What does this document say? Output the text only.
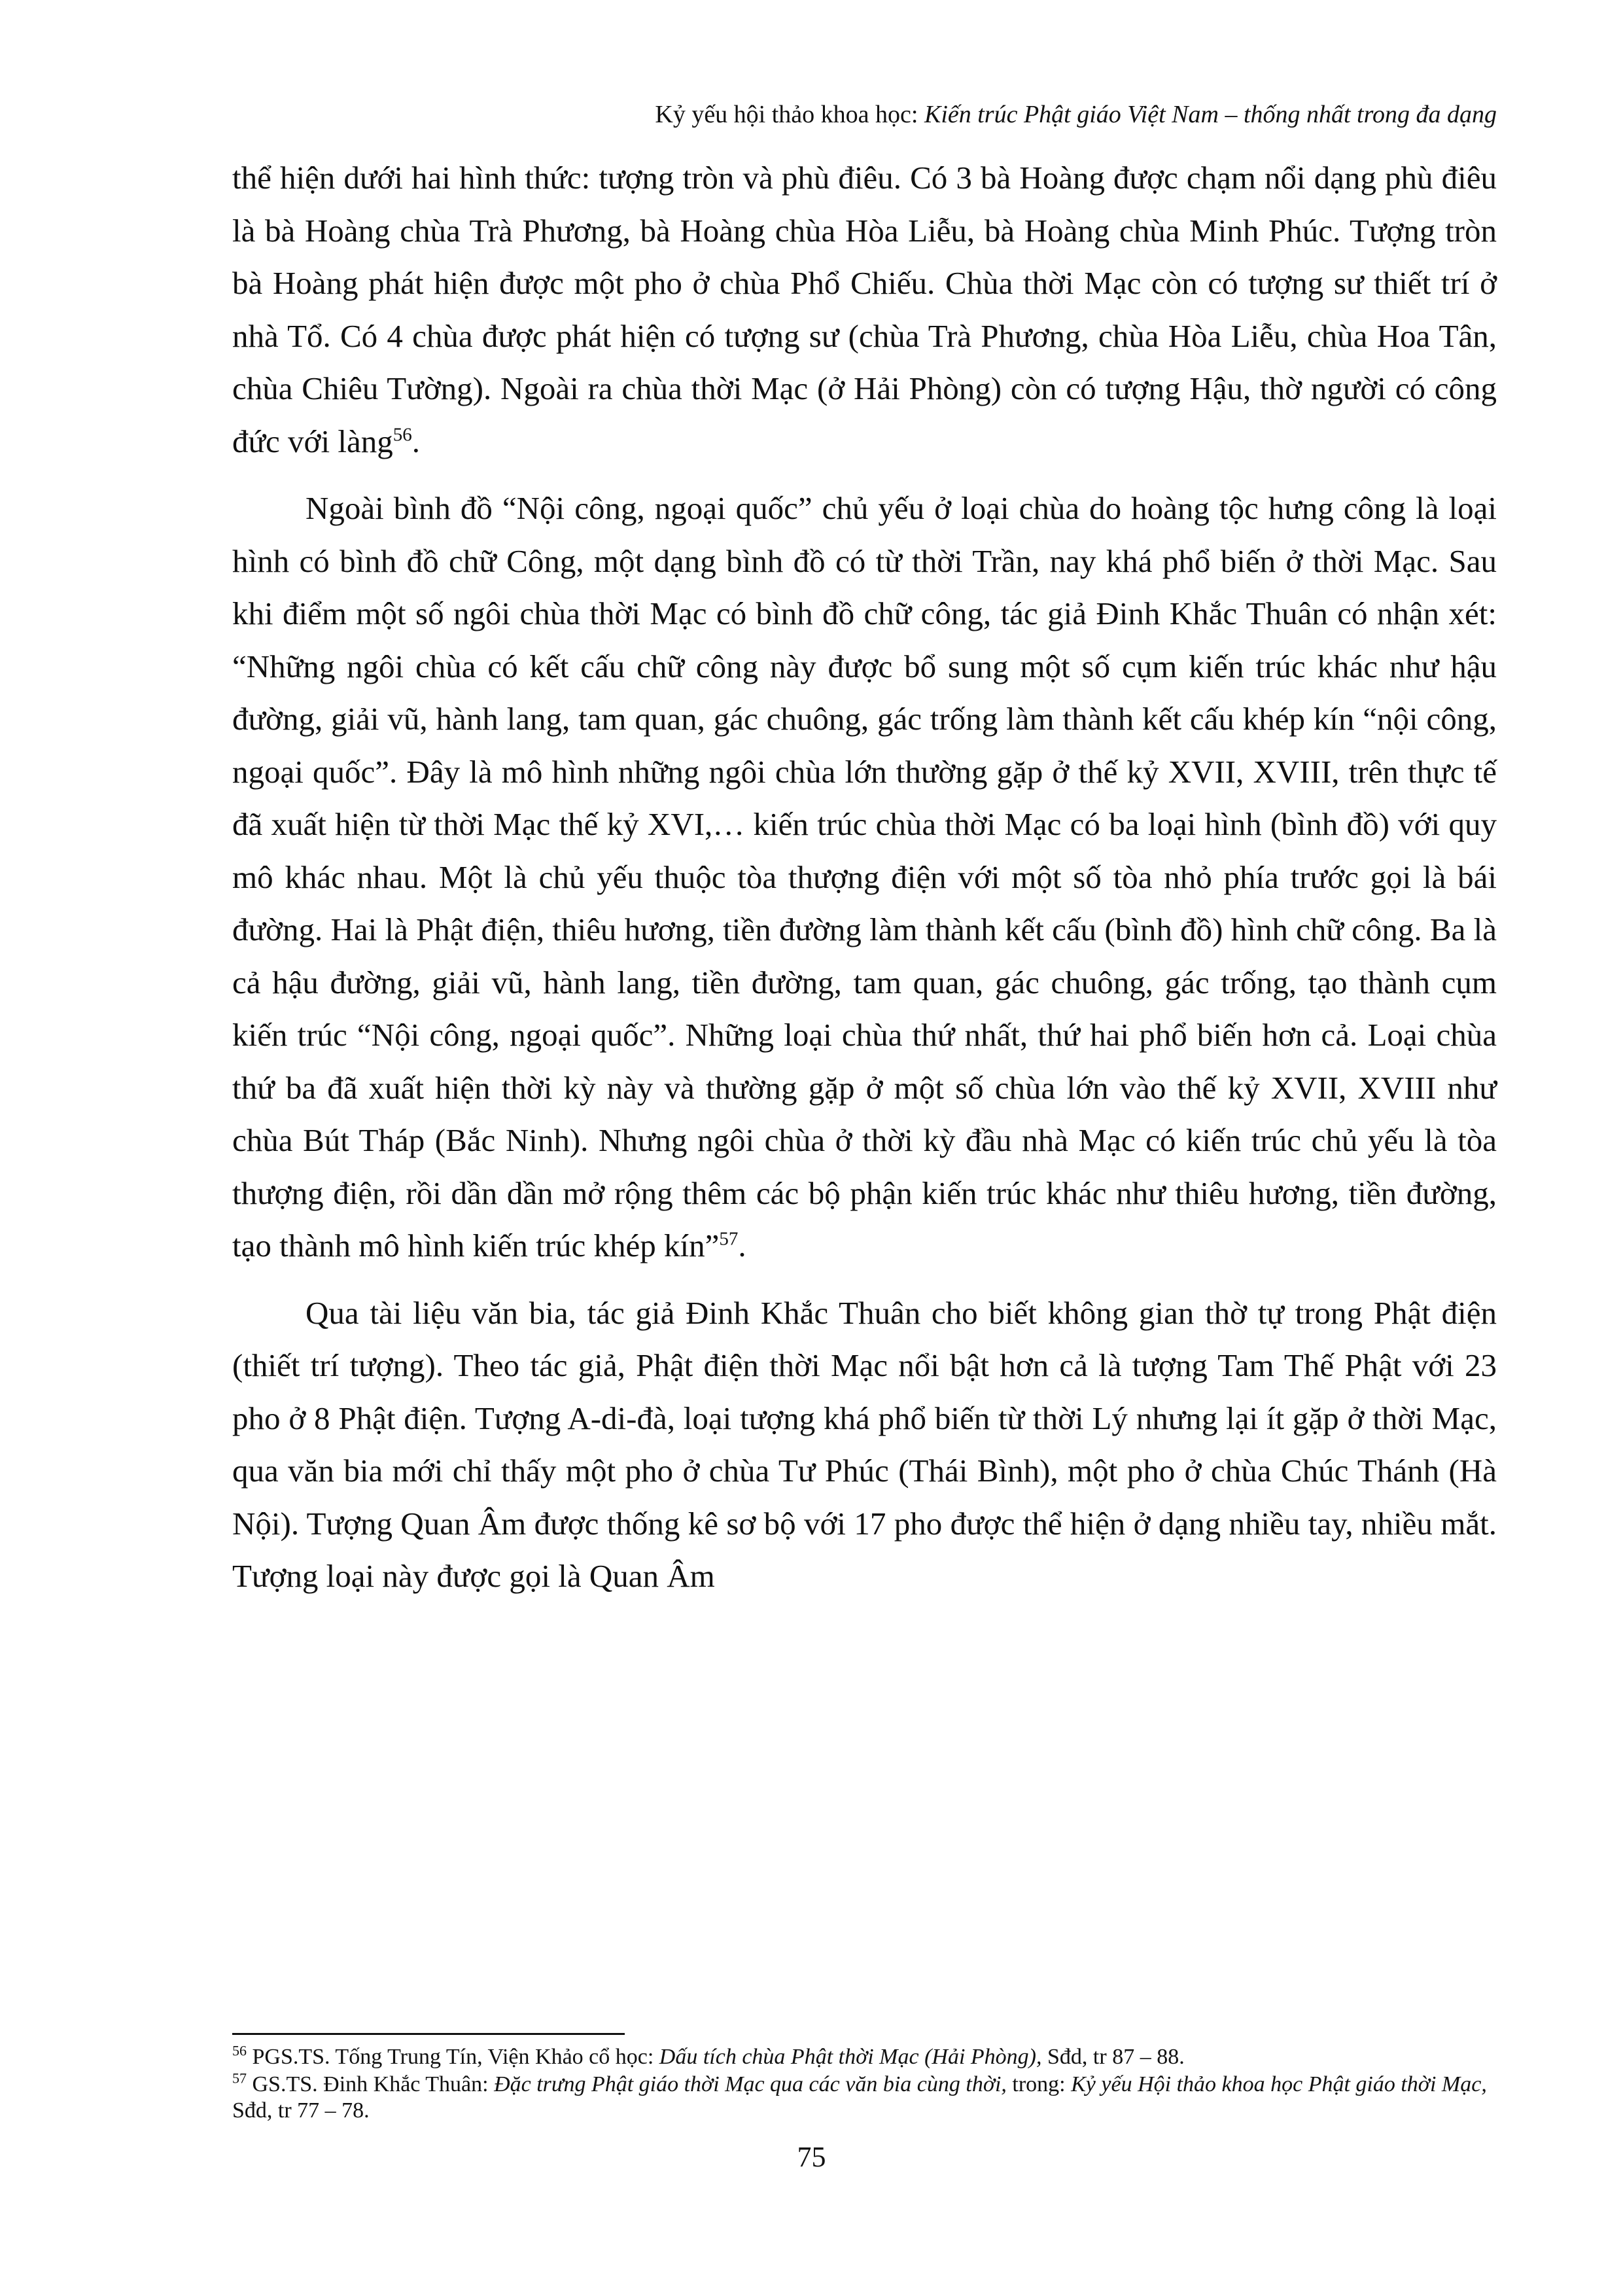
Kỷ yếu hội thảo khoa học: Kiến trúc Phật giáo Việt Nam – thống nhất trong đa dạng

thể hiện dưới hai hình thức: tượng tròn và phù điêu. Có 3 bà Hoàng được chạm nổi dạng phù điêu là bà Hoàng chùa Trà Phương, bà Hoàng chùa Hòa Liễu, bà Hoàng chùa Minh Phúc. Tượng tròn bà Hoàng phát hiện được một pho ở chùa Phổ Chiếu. Chùa thời Mạc còn có tượng sư thiết trí ở nhà Tổ. Có 4 chùa được phát hiện có tượng sư (chùa Trà Phương, chùa Hòa Liễu, chùa Hoa Tân, chùa Chiêu Tường). Ngoài ra chùa thời Mạc (ở Hải Phòng) còn có tượng Hậu, thờ người có công đức với làng$^{56}$.

Ngoài bình đồ “Nội công, ngoại quốc” chủ yếu ở loại chùa do hoàng tộc hưng công là loại hình có bình đồ chữ Công, một dạng bình đồ có từ thời Trần, nay khá phổ biến ở thời Mạc. Sau khi điểm một số ngôi chùa thời Mạc có bình đồ chữ công, tác giả Đinh Khắc Thuân có nhận xét: “Những ngôi chùa có kết cấu chữ công này được bổ sung một số cụm kiến trúc khác như hậu đường, giải vũ, hành lang, tam quan, gác chuông, gác trống làm thành kết cấu khép kín “nội công, ngoại quốc”. Đây là mô hình những ngôi chùa lớn thường gặp ở thế kỷ XVII, XVIII, trên thực tế đã xuất hiện từ thời Mạc thế kỷ XVI,… kiến trúc chùa thời Mạc có ba loại hình (bình đồ) với quy mô khác nhau. Một là chủ yếu thuộc tòa thượng điện với một số tòa nhỏ phía trước gọi là bái đường. Hai là Phật điện, thiêu hương, tiền đường làm thành kết cấu (bình đồ) hình chữ công. Ba là cả hậu đường, giải vũ, hành lang, tiền đường, tam quan, gác chuông, gác trống, tạo thành cụm kiến trúc “Nội công, ngoại quốc”. Những loại chùa thứ nhất, thứ hai phổ biến hơn cả. Loại chùa thứ ba đã xuất hiện thời kỳ này và thường gặp ở một số chùa lớn vào thế kỷ XVII, XVIII như chùa Bút Tháp (Bắc Ninh). Nhưng ngôi chùa ở thời kỳ đầu nhà Mạc có kiến trúc chủ yếu là tòa thượng điện, rồi dần dần mở rộng thêm các bộ phận kiến trúc khác như thiêu hương, tiền đường, tạo thành mô hình kiến trúc khép kín”$^{57}$.

Qua tài liệu văn bia, tác giả Đinh Khắc Thuân cho biết không gian thờ tự trong Phật điện (thiết trí tượng). Theo tác giả, Phật điện thời Mạc nổi bật hơn cả là tượng Tam Thế Phật với 23 pho ở 8 Phật điện. Tượng A-di-đà, loại tượng khá phổ biến từ thời Lý nhưng lại ít gặp ở thời Mạc, qua văn bia mới chỉ thấy một pho ở chùa Tư Phúc (Thái Bình), một pho ở chùa Chúc Thánh (Hà Nội). Tượng Quan Âm được thống kê sơ bộ với 17 pho được thể hiện ở dạng nhiều tay, nhiều mắt. Tượng loại này được gọi là Quan Âm

$^{56}$ PGS.TS. Tống Trung Tín, Viện Khảo cổ học: Dấu tích chùa Phật thời Mạc (Hải Phòng), Sđd, tr 87 – 88.

$^{57}$ GS.TS. Đinh Khắc Thuân: Đặc trưng Phật giáo thời Mạc qua các văn bia cùng thời, trong: Kỷ yếu Hội thảo khoa học Phật giáo thời Mạc, Sđd, tr 77 – 78.

75
